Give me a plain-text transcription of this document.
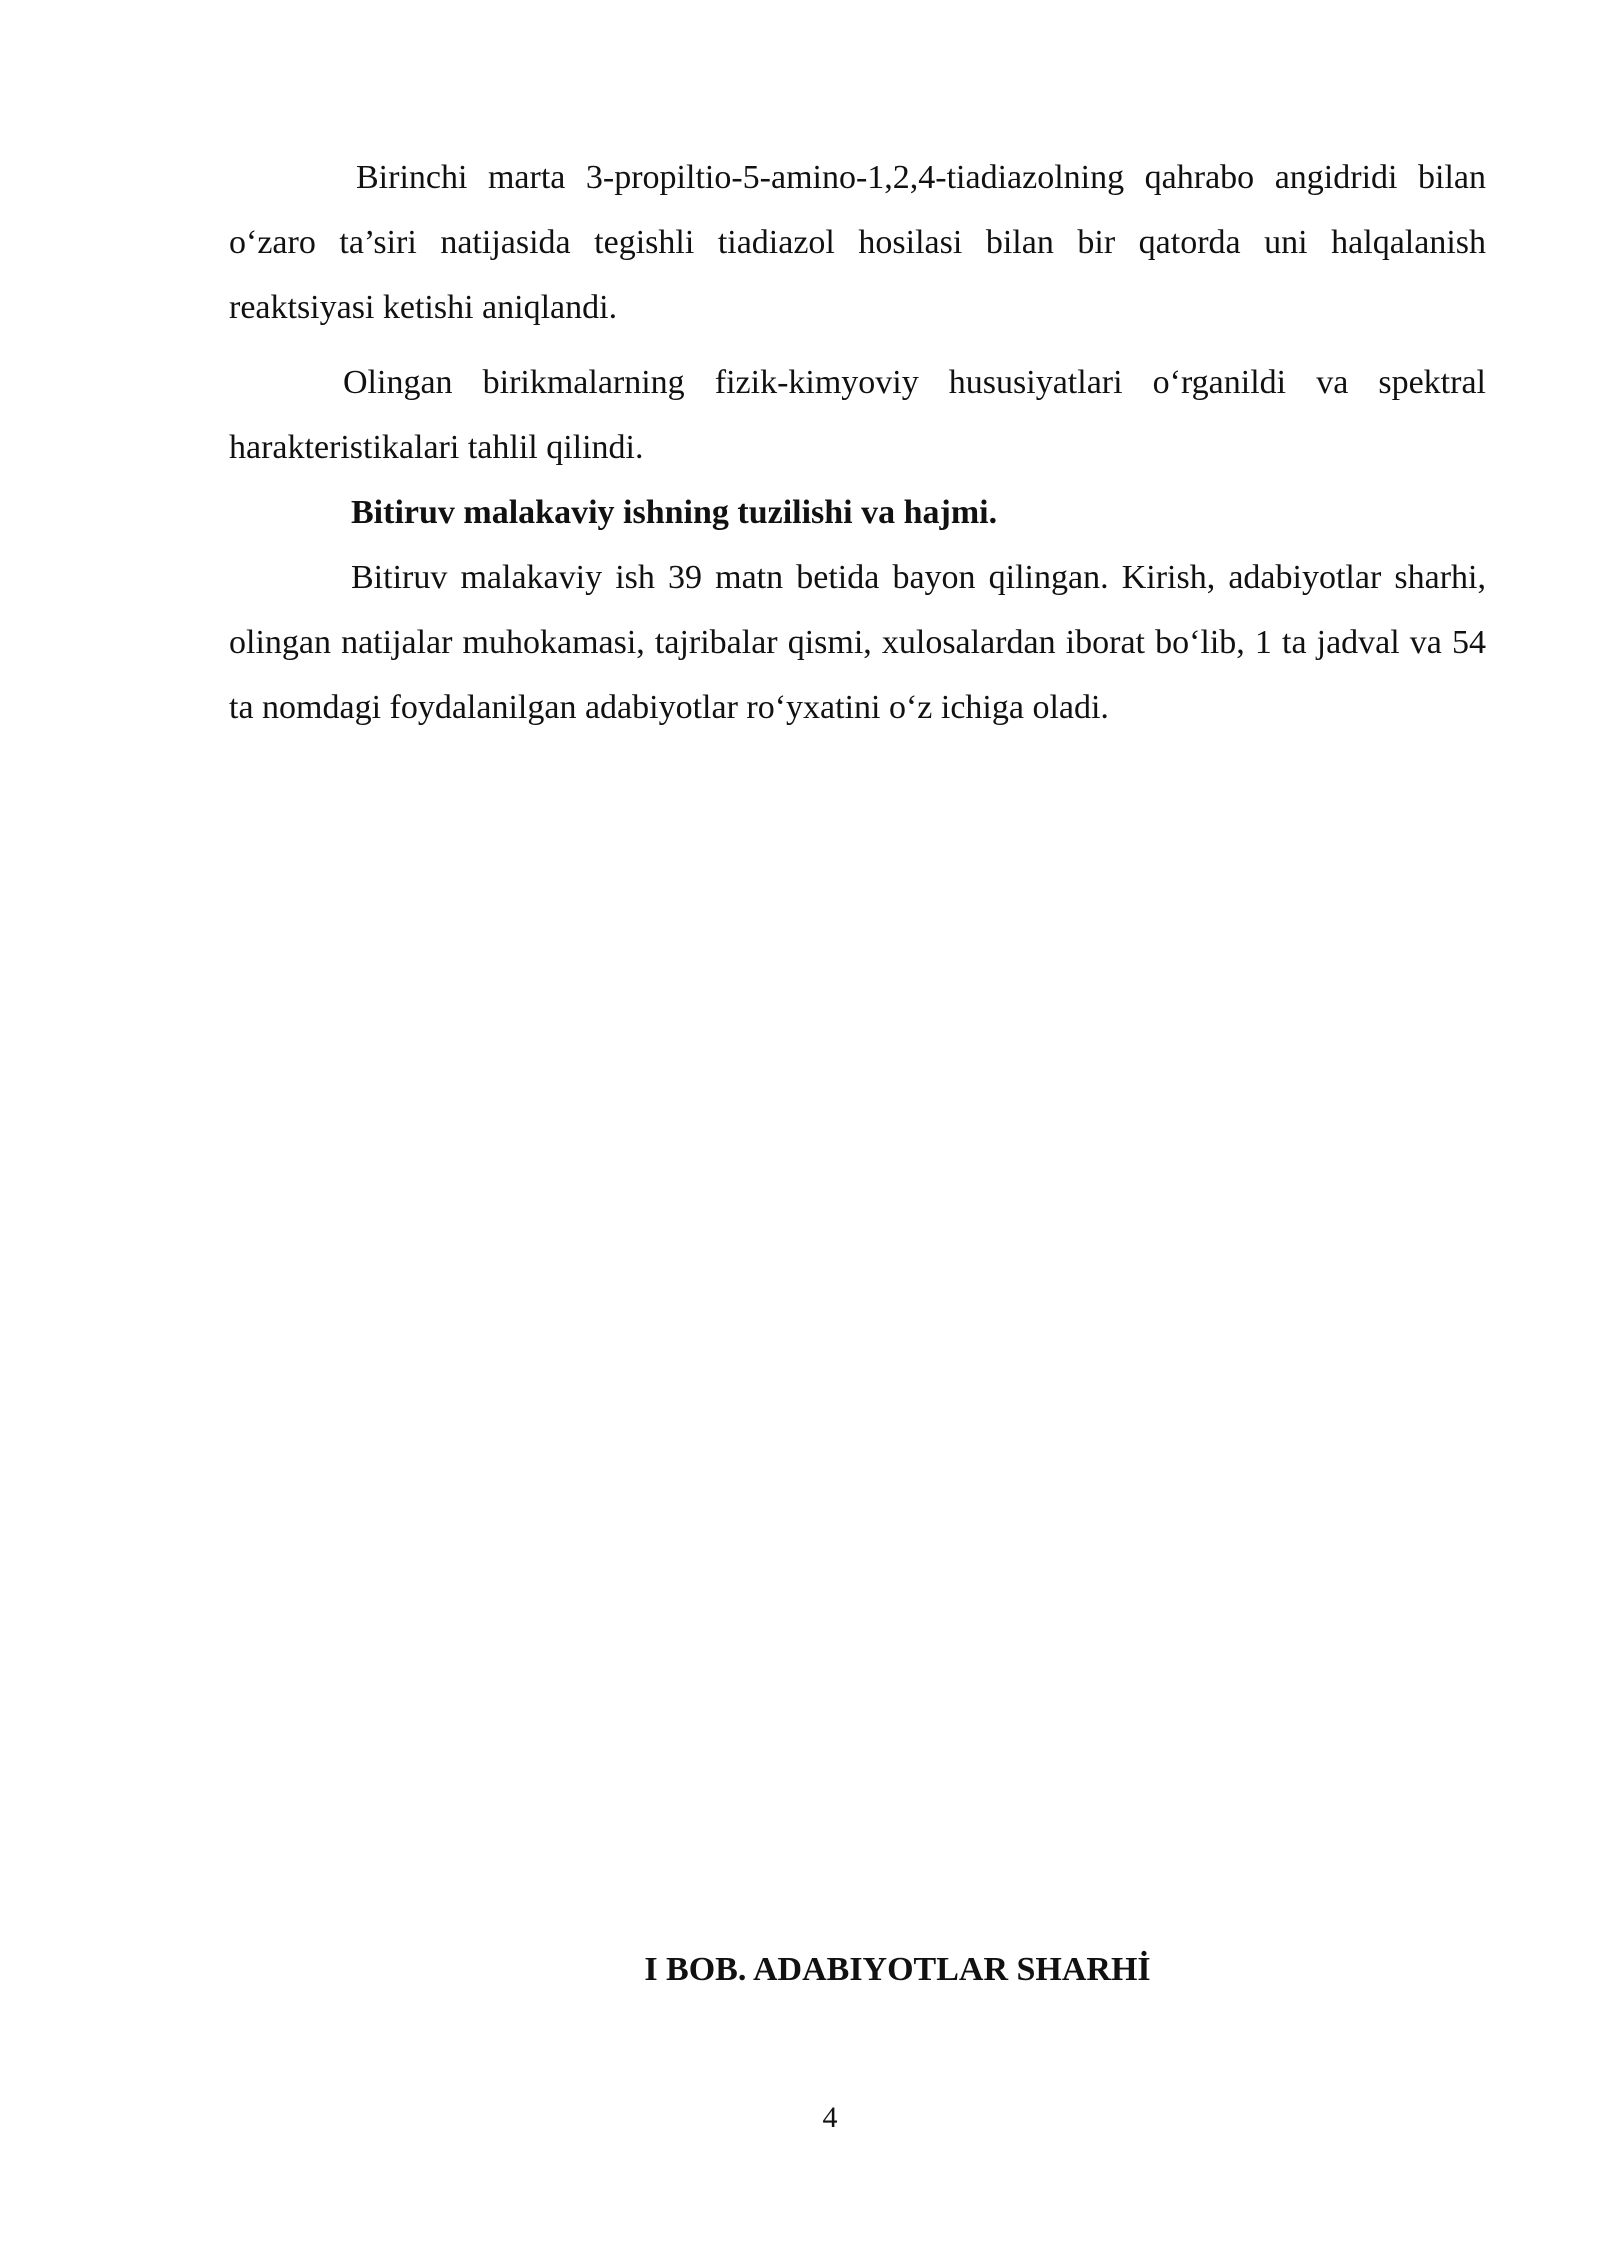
Birinchi marta 3-propiltio-5-amino-1,2,4-tiadiazolning qahrabo angidridi bilan o‘zaro ta’siri natijasida tegishli tiadiazol hosilasi bilan bir qatorda uni halqalanish reaktsiyasi ketishi aniqlandi.

Olingan birikmalarning fizik-kimyoviy hususiyatlari o‘rganildi va spektral harakteristikalari tahlil qilindi.

Bitiruv malakaviy ishning tuzilishi va hajmi.

Bitiruv malakaviy ish 39 matn betida bayon qilingan. Kirish, adabiyotlar sharhi, olingan natijalar muhokamasi, tajribalar qismi, xulosalardan iborat bo‘lib, 1 ta jadval va 54 ta nomdagi foydalanilgan adabiyotlar ro‘yxatini o‘z ichiga oladi.

I BOB. ADABIYOTLAR SHARHİ
4
